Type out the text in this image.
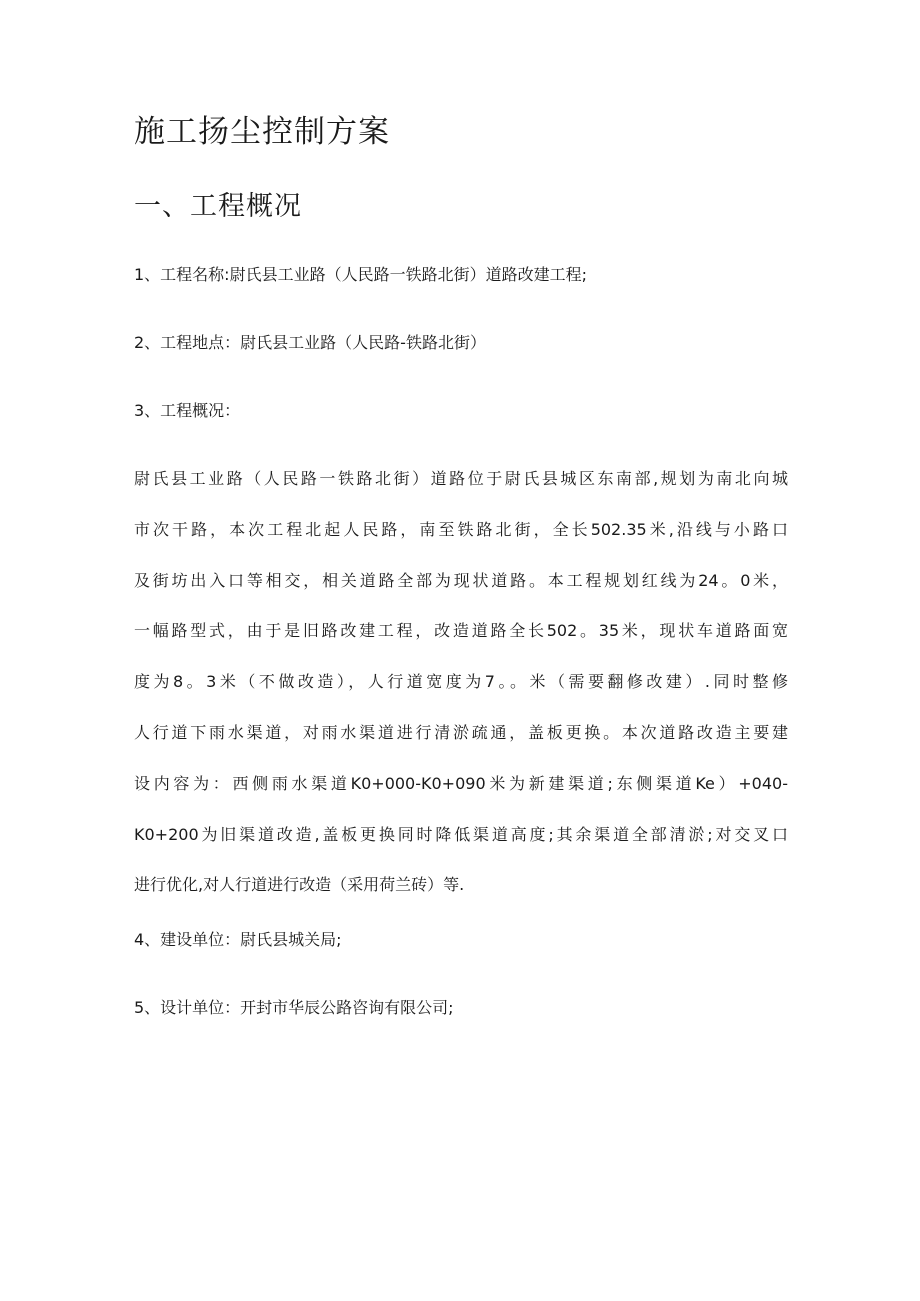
施工扬尘控制方案
一、工程概况

1、工程名称:尉氏县工业路（人民路一铁路北街）道路改建工程;

2、工程地点：尉氏县工业路（人民路-铁路北街）

3、工程概况：

尉氏县工业路（人民路一铁路北街）道路位于尉氏县城区东南部,规划为南北向城

市次干路，本次工程北起人民路，南至铁路北街，全长502.35米,沿线与小路口

及街坊出入口等相交，相关道路全部为现状道路。本工程规划红线为24。0米，

一幅路型式，由于是旧路改建工程，改造道路全长502。35米，现状车道路面宽

度为8。3米（不做改造），人行道宽度为7。。米（需要翻修改建）.同时整修

人行道下雨水渠道，对雨水渠道进行清淤疏通，盖板更换。本次道路改造主要建

设内容为：西侧雨水渠道K0+000-K0+090米为新建渠道;东侧渠道Ke）+040-

K0+200为旧渠道改造,盖板更换同时降低渠道高度;其余渠道全部清淤;对交叉口

进行优化,对人行道进行改造（采用荷兰砖）等.

4、建设单位：尉氏县城关局;

5、设计单位：开封市华辰公路咨询有限公司;
